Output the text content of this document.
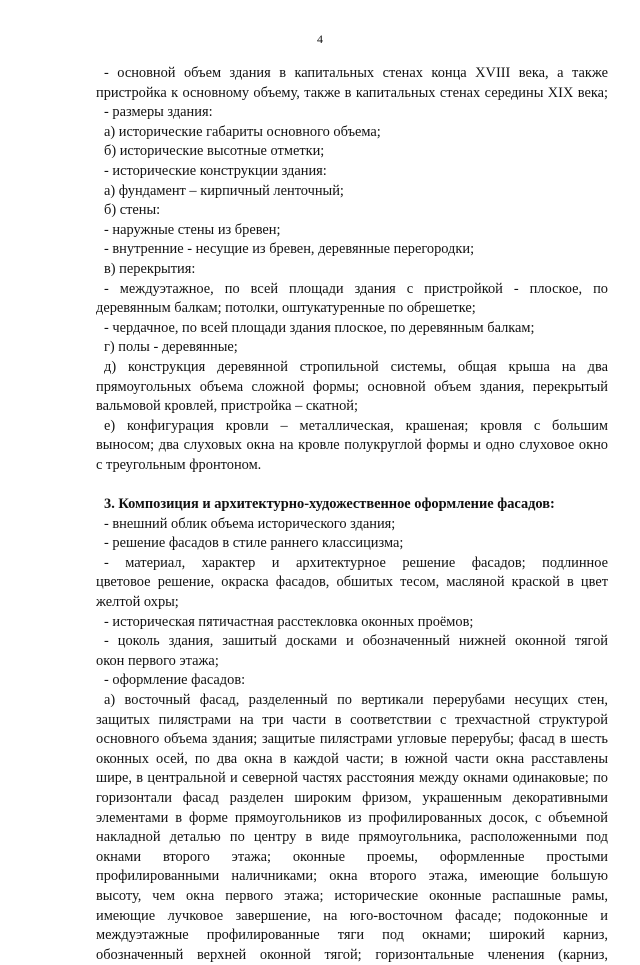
4
- основной объем здания в капитальных стенах конца XVIII века, а также
пристройка к основному объему, также в капитальных стенах середины XIX века;
- размеры здания:
а) исторические габариты основного объема;
б) исторические высотные отметки;
- исторические конструкции здания:
а) фундамент – кирпичный ленточный;
б) стены:
- наружные стены из бревен;
- внутренние - несущие из бревен, деревянные перегородки;
в) перекрытия:
- междуэтажное, по всей площади здания с пристройкой - плоское, по
деревянным балкам; потолки, оштукатуренные по обрешетке;
- чердачное, по всей площади здания плоское, по деревянным балкам;
г) полы - деревянные;
д) конструкция деревянной стропильной системы, общая крыша на два
прямоугольных объема сложной формы; основной объем здания, перекрытый
вальмовой кровлей, пристройка – скатной;
е) конфигурация кровли – металлическая, крашеная; кровля с большим
выносом; два слуховых окна на кровле полукруглой формы и одно слуховое окно
с треугольным фронтоном.
3. Композиция и архитектурно-художественное оформление фасадов:
- внешний облик объема исторического здания;
- решение фасадов в стиле раннего классицизма;
- материал, характер и архитектурное решение фасадов; подлинное
цветовое решение, окраска фасадов, обшитых тесом, масляной краской в цвет
желтой охры;
- историческая пятичастная расстекловка оконных проёмов;
- цоколь здания, зашитый досками и обозначенный нижней оконной тягой
окон первого этажа;
- оформление фасадов:
а) восточный фасад, разделенный по вертикали перерубами несущих стен,
защитых пилястрами на три части в соответствии с трехчастной структурой
основного объема здания; защитые пилястрами угловые перерубы; фасад в шесть
оконных осей, по два окна в каждой части; в южной части окна расставлены
шире, в центральной и северной частях расстояния между окнами одинаковые; по
горизонтали фасад разделен широким фризом, украшенным декоративными
элементами в форме прямоугольников из профилированных досок, с объемной
накладной деталью по центру в виде прямоугольника, расположенными под
окнами второго этажа; оконные проемы, оформленные простыми
профилированными наличниками; окна второго этажа, имеющие большую
высоту, чем окна первого этажа; исторические оконные распашные рамы,
имеющие лучковое завершение, на юго-восточном фасаде; подоконные и
междуэтажные профилированные тяги под окнами; широкий карниз,
обозначенный верхней оконной тягой; горизонтальные членения (карниз,
